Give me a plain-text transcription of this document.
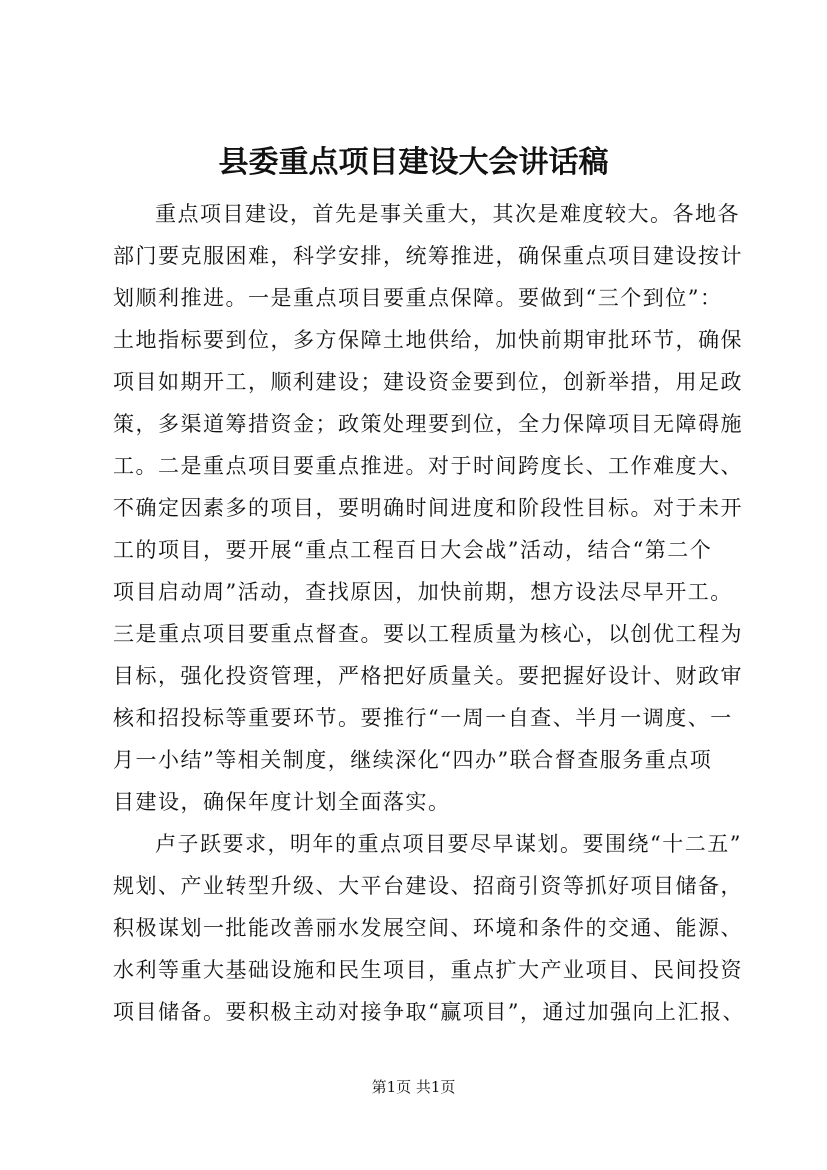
县委重点项目建设大会讲话稿
重点项目建设，首先是事关重大，其次是难度较大。各地各
部门要克服困难，科学安排，统筹推进，确保重点项目建设按计
划顺利推进。一是重点项目要重点保障。要做到“三个到位”：
土地指标要到位，多方保障土地供给，加快前期审批环节，确保
项目如期开工，顺利建设；建设资金要到位，创新举措，用足政
策，多渠道筹措资金；政策处理要到位，全力保障项目无障碍施
工。二是重点项目要重点推进。对于时间跨度长、工作难度大、
不确定因素多的项目，要明确时间进度和阶段性目标。对于未开
工的项目，要开展“重点工程百日大会战”活动，结合“第二个
项目启动周”活动，查找原因，加快前期，想方设法尽早开工。
三是重点项目要重点督查。要以工程质量为核心，以创优工程为
目标，强化投资管理，严格把好质量关。要把握好设计、财政审
核和招投标等重要环节。要推行“一周一自查、半月一调度、一
月一小结”等相关制度，继续深化“四办”联合督查服务重点项
目建设，确保年度计划全面落实。
卢子跃要求，明年的重点项目要尽早谋划。要围绕“十二五”
规划、产业转型升级、大平台建设、招商引资等抓好项目储备，
积极谋划一批能改善丽水发展空间、环境和条件的交通、能源、
水利等重大基础设施和民生项目，重点扩大产业项目、民间投资
项目储备。要积极主动对接争取“赢项目”，通过加强向上汇报、
第1页 共1页
